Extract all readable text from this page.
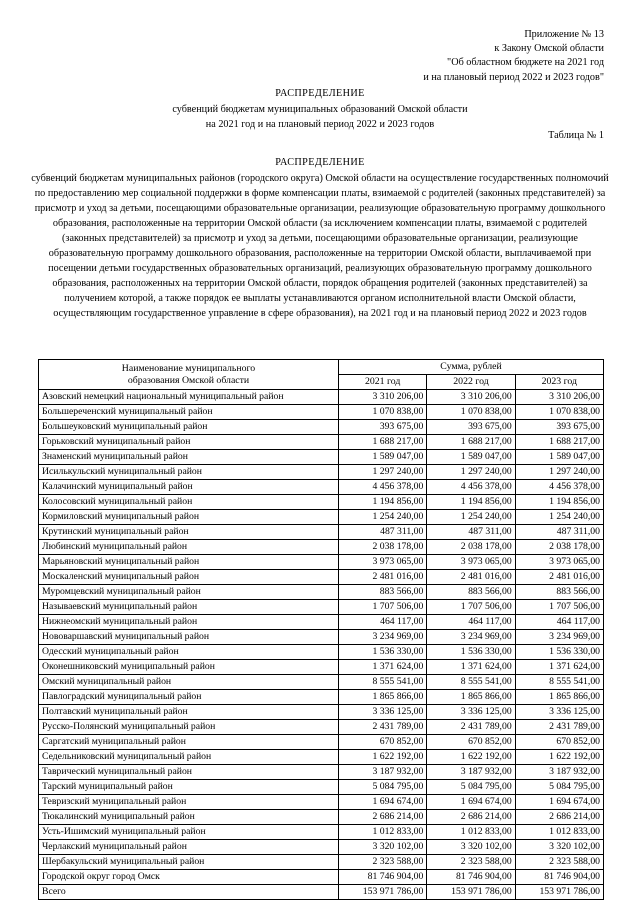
Приложение № 13
к Закону Омской области
"Об областном бюджете на 2021 год
и на плановый период 2022 и 2023 годов"
РАСПРЕДЕЛЕНИЕ
субвенций бюджетам муниципальных образований Омской области
на 2021 год и на плановый период 2022 и 2023 годов
Таблица № 1
РАСПРЕДЕЛЕНИЕ
субвенций бюджетам муниципальных районов (городского округа) Омской области на осуществление государственных полномочий по предоставлению мер социальной поддержки в форме компенсации платы, взимаемой с родителей (законных представителей) за присмотр и уход за детьми, посещающими образовательные организации, реализующие образовательную программу дошкольного образования, расположенные на территории Омской области (за исключением компенсации платы, взимаемой с родителей (законных представителей) за присмотр и уход за детьми, посещающими образовательные организации, реализующие образовательную программу дошкольного образования, расположенные на территории Омской области, выплачиваемой при посещении детьми государственных образовательных организаций, реализующих образовательную программу дошкольного образования, расположенных на территории Омской области, порядок обращения родителей (законных представителей) за получением которой, а также порядок ее выплаты устанавливаются органом исполнительной власти Омской области, осуществляющим государственное управление в сфере образования), на 2021 год и на плановый период 2022 и 2023 годов
Наименование муниципального
образования Омской области	Сумма, рублей		
	2021 год	2022 год	2023 год
Азовский немецкий национальный муниципальный район	3 310 206,00	3 310 206,00	3 310 206,00
Большереченский муниципальный район	1 070 838,00	1 070 838,00	1 070 838,00
Большеуковский муниципальный район	393 675,00	393 675,00	393 675,00
Горьковский муниципальный район	1 688 217,00	1 688 217,00	1 688 217,00
Знаменский муниципальный район	1 589 047,00	1 589 047,00	1 589 047,00
Исилькульский муниципальный район	1 297 240,00	1 297 240,00	1 297 240,00
Калачинский муниципальный район	4 456 378,00	4 456 378,00	4 456 378,00
Колосовский муниципальный район	1 194 856,00	1 194 856,00	1 194 856,00
Кормиловский муниципальный район	1 254 240,00	1 254 240,00	1 254 240,00
Крутинский муниципальный район	487 311,00	487 311,00	487 311,00
Любинский муниципальный район	2 038 178,00	2 038 178,00	2 038 178,00
Марьяновский муниципальный район	3 973 065,00	3 973 065,00	3 973 065,00
Москаленский муниципальный район	2 481 016,00	2 481 016,00	2 481 016,00
Муромцевский муниципальный район	883 566,00	883 566,00	883 566,00
Называевский муниципальный район	1 707 506,00	1 707 506,00	1 707 506,00
Нижнеомский муниципальный район	464 117,00	464 117,00	464 117,00
Нововаршавский муниципальный район	3 234 969,00	3 234 969,00	3 234 969,00
Одесский муниципальный район	1 536 330,00	1 536 330,00	1 536 330,00
Оконешниковский муниципальный район	1 371 624,00	1 371 624,00	1 371 624,00
Омский муниципальный район	8 555 541,00	8 555 541,00	8 555 541,00
Павлоградский муниципальный район	1 865 866,00	1 865 866,00	1 865 866,00
Полтавский муниципальный район	3 336 125,00	3 336 125,00	3 336 125,00
Русско-Полянский муниципальный район	2 431 789,00	2 431 789,00	2 431 789,00
Саргатский муниципальный район	670 852,00	670 852,00	670 852,00
Седельниковский муниципальный район	1 622 192,00	1 622 192,00	1 622 192,00
Таврический муниципальный район	3 187 932,00	3 187 932,00	3 187 932,00
Тарский муниципальный район	5 084 795,00	5 084 795,00	5 084 795,00
Тевризский муниципальный район	1 694 674,00	1 694 674,00	1 694 674,00
Тюкалинский муниципальный район	2 686 214,00	2 686 214,00	2 686 214,00
Усть-Ишимский муниципальный район	1 012 833,00	1 012 833,00	1 012 833,00
Черлакский муниципальный район	3 320 102,00	3 320 102,00	3 320 102,00
Шербакульский муниципальный район	2 323 588,00	2 323 588,00	2 323 588,00
Городской округ город Омск	81 746 904,00	81 746 904,00	81 746 904,00
Всего	153 971 786,00	153 971 786,00	153 971 786,00
